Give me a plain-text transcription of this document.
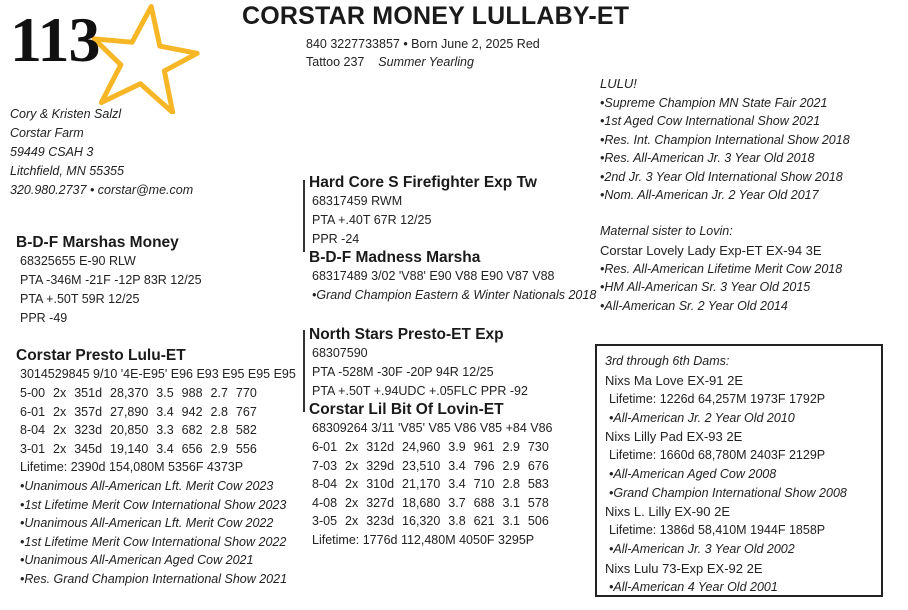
113	CORSTAR MONEY LULLABY-ET
840 3227733857 • Born June 2, 2025 Red
Tattoo 237 Summer Yearling
Cory & Kristen Salzl
Corstar Farm
59449 CSAH 3
Litchfield, MN 55355
320.980.2737 • corstar@me.com
B-D-F Marshas Money
68325655 E-90 RLW
PTA -346M -21F -12P 83R 12/25
PTA +.50T 59R 12/25
PPR -49
Hard Core S Firefighter Exp Tw
68317459 RWM
PTA +.40T 67R 12/25
PPR -24
B-D-F Madness Marsha
68317489 3/02 'V88' E90 V88 E90 V87 V88
•Grand Champion Eastern & Winter Nationals 2018
Corstar Presto Lulu-ET
3014529845 9/10 '4E-E95' E96 E93 E95 E95 E95
5-00	2x	351d	28,370	3.5	988	2.7	770
6-01	2x	357d	27,890	3.4	942	2.8	767
8-04	2x	323d	20,850	3.3	682	2.8	582
3-01	2x	345d	19,140	3.4	656	2.9	556
Lifetime: 2390d 154,080M 5356F 4373P
•Unanimous All-American Lft. Merit Cow 2023
•1st Lifetime Merit Cow International Show 2023
•Unanimous All-American Lft. Merit Cow 2022
•1st Lifetime Merit Cow International Show 2022
•Unanimous All-American Aged Cow 2021
•Res. Grand Champion International Show 2021
North Stars Presto-ET Exp
68307590
PTA -528M -30F -20P 94R 12/25
PTA +.50T +.94UDC +.05FLC PPR -92
Corstar Lil Bit Of Lovin-ET
68309264 3/11 'V85' V85 V86 V85 +84 V86
6-01	2x	312d	24,960	3.9	961	2.9	730
7-03	2x	329d	23,510	3.4	796	2.9	676
8-04	2x	310d	21,170	3.4	710	2.8	583
4-08	2x	327d	18,680	3.7	688	3.1	578
3-05	2x	323d	16,320	3.8	621	3.1	506
Lifetime: 1776d 112,480M 4050F 3295P
LULU!
•Supreme Champion MN State Fair 2021
•1st Aged Cow International Show 2021
•Res. Int. Champion International Show 2018
•Res. All-American Jr. 3 Year Old 2018
•2nd Jr. 3 Year Old International Show 2018
•Nom. All-American Jr. 2 Year Old 2017
Maternal sister to Lovin:
Corstar Lovely Lady Exp-ET EX-94 3E
•Res. All-American Lifetime Merit Cow 2018
•HM All-American Sr. 3 Year Old 2015
•All-American Sr. 2 Year Old 2014
3rd through 6th Dams:
Nixs Ma Love EX-91 2E
Lifetime: 1226d 64,257M 1973F 1792P
•All-American Jr. 2 Year Old 2010
Nixs Lilly Pad EX-93 2E
Lifetime: 1660d 68,780M 2403F 2129P
•All-American Aged Cow 2008
•Grand Champion International Show 2008
Nixs L. Lilly EX-90 2E
Lifetime: 1386d 58,410M 1944F 1858P
•All-American Jr. 3 Year Old 2002
Nixs Lulu 73-Exp EX-92 2E
•All-American 4 Year Old 2001
